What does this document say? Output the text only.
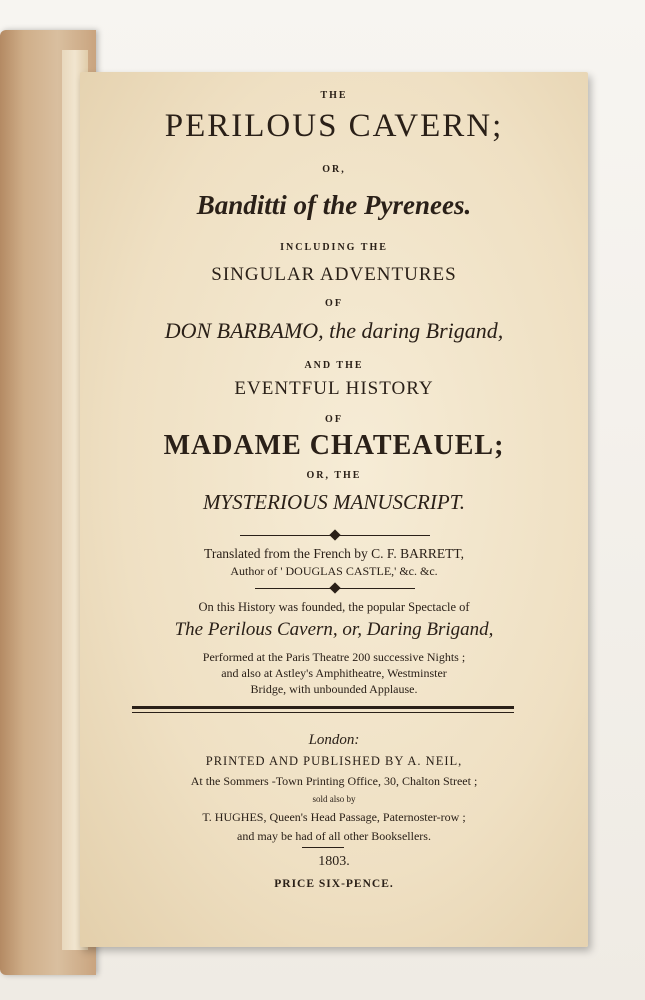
THE
PERILOUS CAVERN;
OR,
Banditti of the Pyrenees.
INCLUDING THE
SINGULAR ADVENTURES
OF
DON BARBAMO, the daring Brigand,
AND THE
EVENTFUL HISTORY
OF
MADAME CHATEAUEL;
OR, THE
MYSTERIOUS MANUSCRIPT.
Translated from the French by C. F. BARRETT,
Author of ' DOUGLAS CASTLE,' &c. &c.
On this History was founded, the popular Spectacle of
The Perilous Cavern, or, Daring Brigand,
Performed at the Paris Theatre 200 successive Nights ;
and also at Astley's Amphitheatre, Westminster
Bridge, with unbounded Applause.
London:
PRINTED AND PUBLISHED BY A. NEIL,
At the Sommers -Town Printing Office, 30, Chalton Street ;
sold also by
T. HUGHES, Queen's Head Passage, Paternoster-row ;
and may be had of all other Booksellers.
1803.
PRICE SIX-PENCE.
